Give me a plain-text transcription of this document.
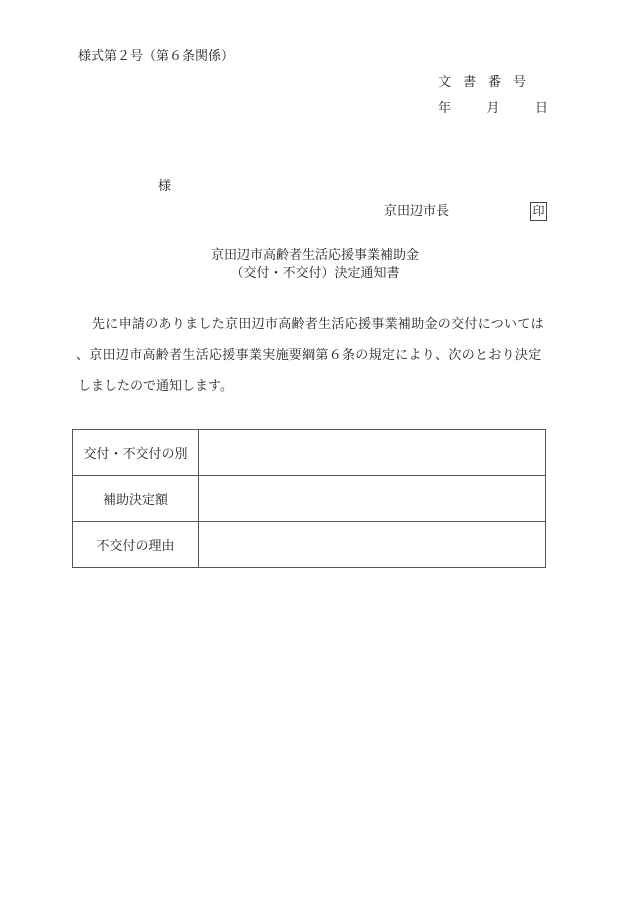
様式第２号（第６条関係）
文書番号
年	月	日
様
京田辺市長	印
京田辺市高齢者生活応援事業補助金
（交付・不交付）決定通知書
先に申請のありました京田辺市高齢者生活応援事業補助金の交付については
、京田辺市高齢者生活応援事業実施要綱第６条の規定により、次のとおり決定
しましたので通知します。
交付・不交付の別	
補助決定額	
不交付の理由	
